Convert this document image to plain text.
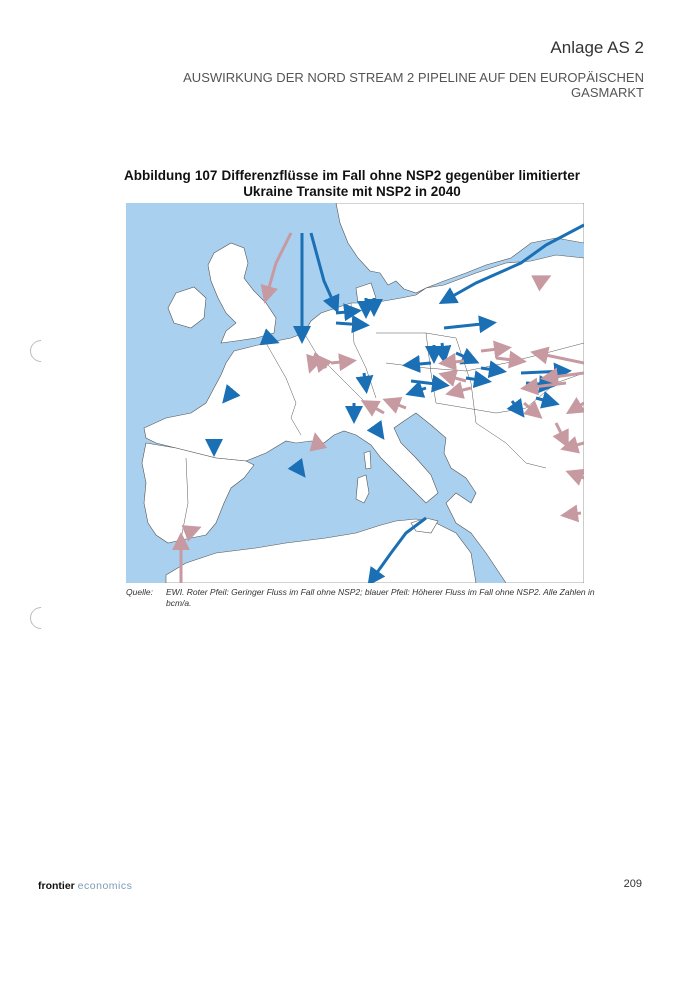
Anlage AS 2
AUSWIRKUNG DER NORD STREAM 2 PIPELINE AUF DEN EUROPÄISCHEN GASMARKT
Abbildung 107 Differenzflüsse im Fall ohne NSP2 gegenüber limitierter Ukraine Transite mit NSP2 in 2040
Quelle: EWI. Roter Pfeil: Geringer Fluss im Fall ohne NSP2; blauer Pfeil: Höherer Fluss im Fall ohne NSP2. Alle Zahlen in bcm/a.
frontier economics	209
